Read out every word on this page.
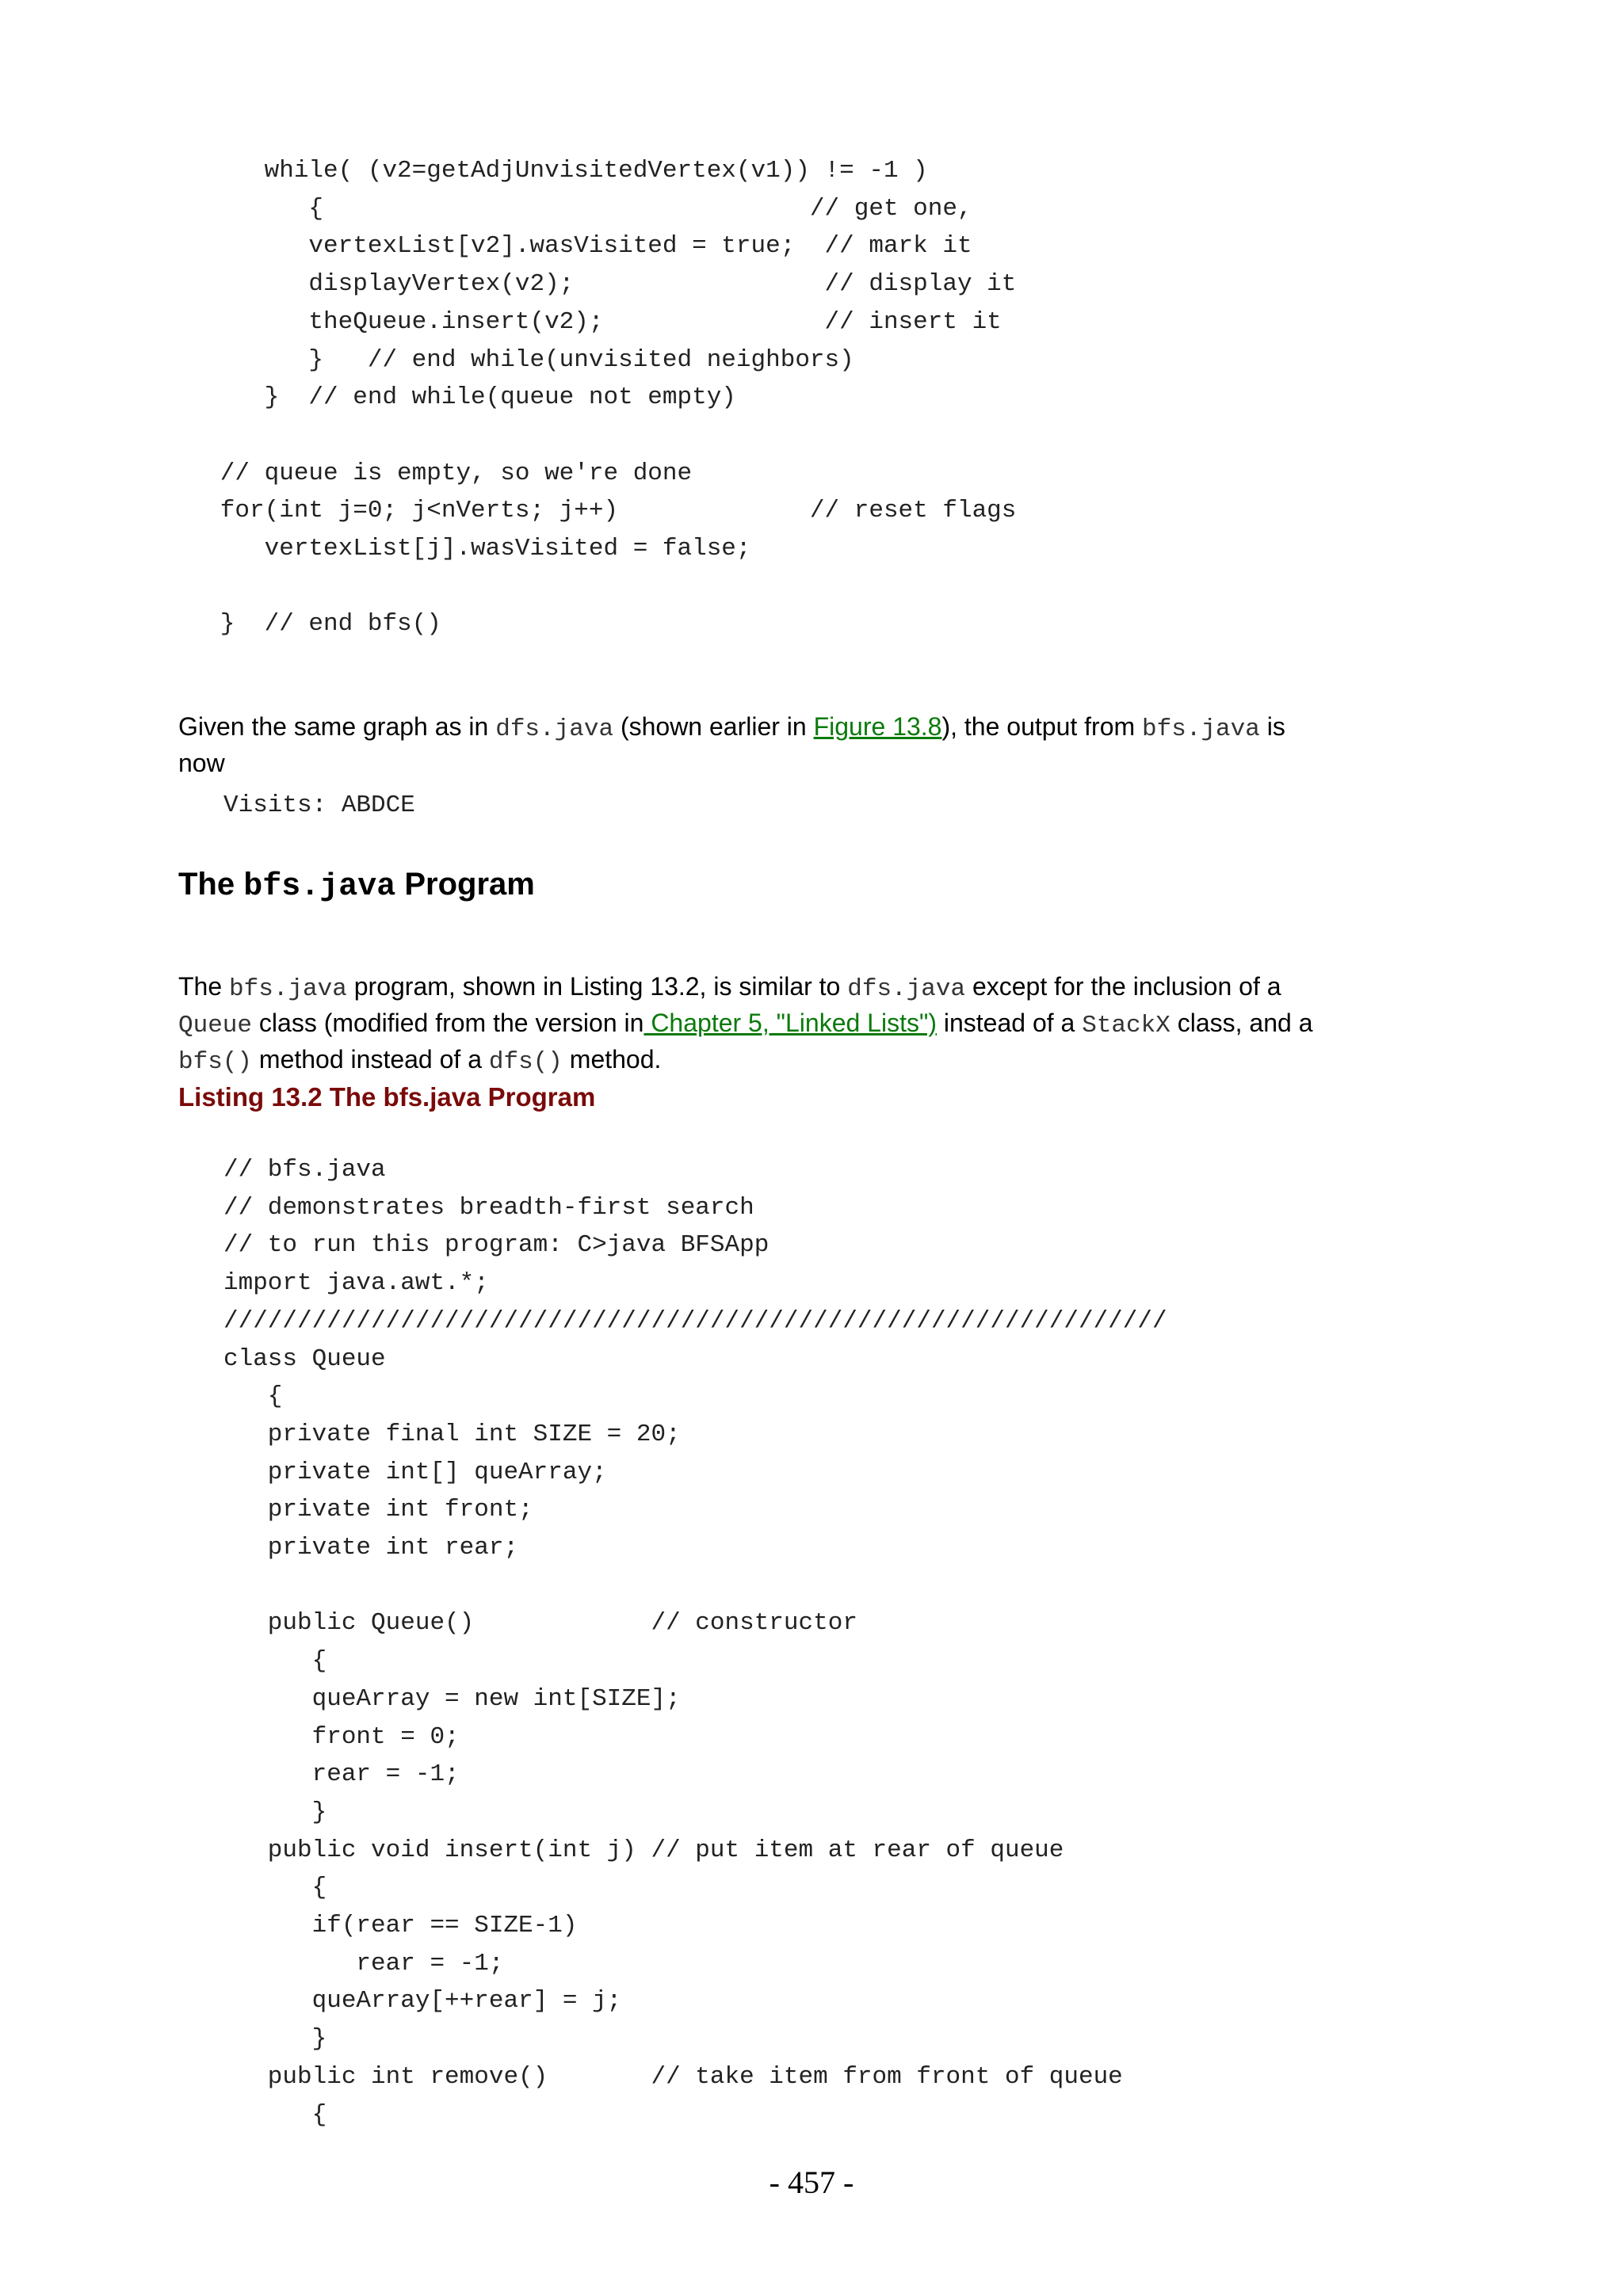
while( (v2=getAdjUnvisitedVertex(v1)) != -1 )
{                                 // get one,
vertexList[v2].wasVisited = true;  // mark it
displayVertex(v2);                 // display it
theQueue.insert(v2);               // insert it
}   // end while(unvisited neighbors)
}  // end while(queue not empty)

// queue is empty, so we're done
for(int j=0; j<nVerts; j++)             // reset flags
vertexList[j].wasVisited = false;

}  // end bfs()

Given the same graph as in dfs.java (shown earlier in Figure 13.8), the output from bfs.java is now

Visits: ABDCE
The bfs.java Program

The bfs.java program, shown in Listing 13.2, is similar to dfs.java except for the inclusion of a Queue class (modified from the version in Chapter 5, "Linked Lists") instead of a StackX class, and a bfs() method instead of a dfs() method.

Listing 13.2 The bfs.java Program

// bfs.java
// demonstrates breadth-first search
// to run this program: C>java BFSApp
import java.awt.*;
////////////////////////////////////////////////////////////////
class Queue
{
private final int SIZE = 20;
private int[] queArray;
private int front;
private int rear;

public Queue()            // constructor
{
queArray = new int[SIZE];
front = 0;
rear = -1;
}
public void insert(int j) // put item at rear of queue
{
if(rear == SIZE-1)
rear = -1;
queArray[++rear] = j;
}
public int remove()       // take item from front of queue
{
- 457 -
